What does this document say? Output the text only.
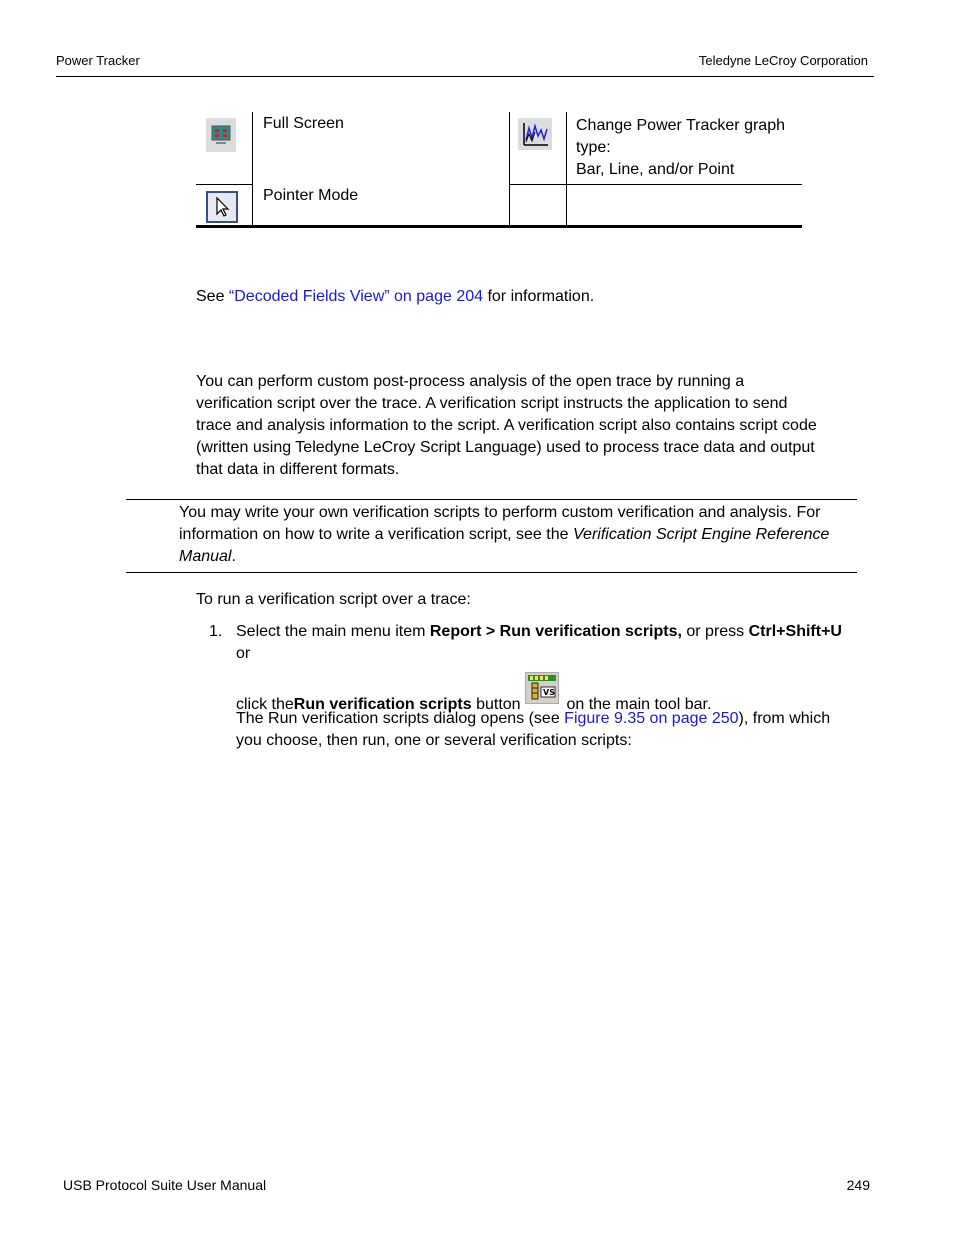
Power Tracker	Teledyne LeCroy Corporation
	Full Screen		Change Power Tracker graph
type:
Bar, Line, and/or Point

	Pointer Mode		
See “Decoded Fields View” on page 204 for information.
You can perform custom post-process analysis of the open trace by running a
verification script over the trace. A verification script instructs the application to send
trace and analysis information to the script. A verification script also contains script code
(written using Teledyne LeCroy Script Language) used to process trace data and output
that data in different formats.
You may write your own verification scripts to perform custom verification and analysis. For
information on how to write a verification script, see the Verification Script Engine Reference
Manual.
To run a verification script over a trace:
1. Select the main menu item Report > Run verification scripts, or press Ctrl+Shift+U
or
click the Run verification scripts button
VS
on the main tool bar.
The Run verification scripts dialog opens (see Figure 9.35 on page 250), from which
you choose, then run, one or several verification scripts:
USB Protocol Suite User Manual	249
